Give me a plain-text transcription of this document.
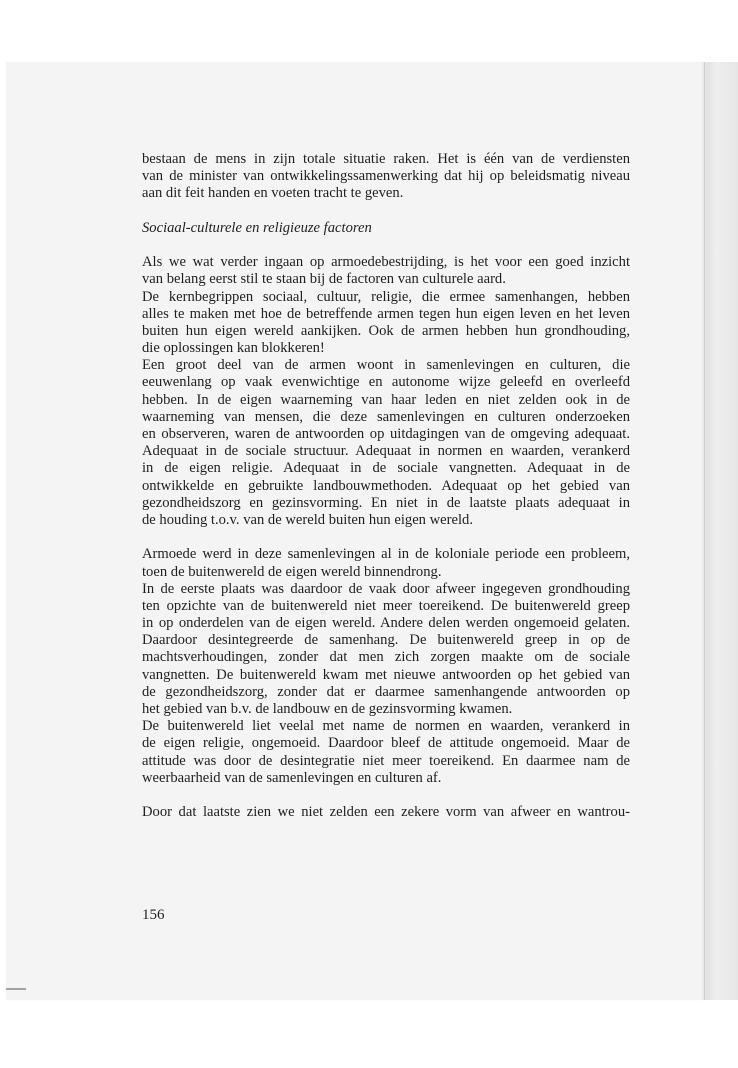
bestaan de mens in zijn totale situatie raken. Het is één van de verdiensten
van de minister van ontwikkelingssamenwerking dat hij op beleidsmatig niveau
aan dit feit handen en voeten tracht te geven.
Sociaal-culturele en religieuze factoren
Als we wat verder ingaan op armoedebestrijding, is het voor een goed inzicht
van belang eerst stil te staan bij de factoren van culturele aard.
De kernbegrippen sociaal, cultuur, religie, die ermee samenhangen, hebben
alles te maken met hoe de betreffende armen tegen hun eigen leven en het leven
buiten hun eigen wereld aankijken. Ook de armen hebben hun grondhouding,
die oplossingen kan blokkeren!
Een groot deel van de armen woont in samenlevingen en culturen, die
eeuwenlang op vaak evenwichtige en autonome wijze geleefd en overleefd
hebben. In de eigen waarneming van haar leden en niet zelden ook in de
waarneming van mensen, die deze samenlevingen en culturen onderzoeken
en observeren, waren de antwoorden op uitdagingen van de omgeving adequaat.
Adequaat in de sociale structuur. Adequaat in normen en waarden, verankerd
in de eigen religie. Adequaat in de sociale vangnetten. Adequaat in de
ontwikkelde en gebruikte landbouwmethoden. Adequaat op het gebied van
gezondheidszorg en gezinsvorming. En niet in de laatste plaats adequaat in
de houding t.o.v. van de wereld buiten hun eigen wereld.
Armoede werd in deze samenlevingen al in de koloniale periode een probleem,
toen de buitenwereld de eigen wereld binnendrong.
In de eerste plaats was daardoor de vaak door afweer ingegeven grondhouding
ten opzichte van de buitenwereld niet meer toereikend. De buitenwereld greep
in op onderdelen van de eigen wereld. Andere delen werden ongemoeid gelaten.
Daardoor desintegreerde de samenhang. De buitenwereld greep in op de
machtsverhoudingen, zonder dat men zich zorgen maakte om de sociale
vangnetten. De buitenwereld kwam met nieuwe antwoorden op het gebied van
de gezondheidszorg, zonder dat er daarmee samenhangende antwoorden op
het gebied van b.v. de landbouw en de gezinsvorming kwamen.
De buitenwereld liet veelal met name de normen en waarden, verankerd in
de eigen religie, ongemoeid. Daardoor bleef de attitude ongemoeid. Maar de
attitude was door de desintegratie niet meer toereikend. En daarmee nam de
weerbaarheid van de samenlevingen en culturen af.
Door dat laatste zien we niet zelden een zekere vorm van afweer en wantrou-
156
